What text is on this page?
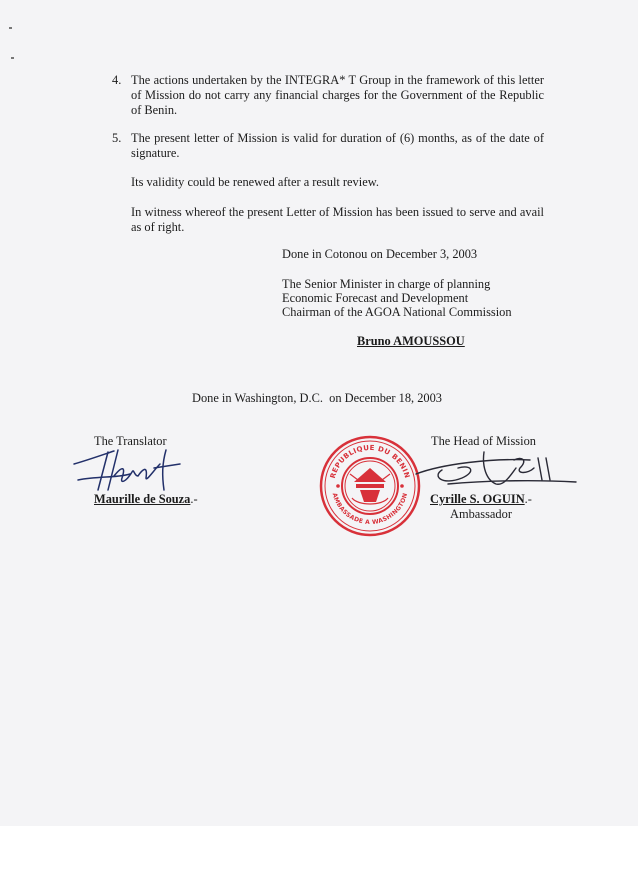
4. The actions undertaken by the INTEGRA* T Group in the framework of this letter of Mission do not carry any financial charges for the Government of the Republic of Benin.

5. The present letter of Mission is valid for duration of (6) months, as of the date of signature.

Its validity could be renewed after a result review.

In witness whereof the present Letter of Mission has been issued to serve and avail as of right.

Done in Cotonou on December 3, 2003

The Senior Minister in charge of planning

Economic Forecast and Development

Chairman of the AGOA National Commission

Bruno AMOUSSOU

Done in Washington, D.C.  on December 18, 2003

The Translator

Maurille de Souza.-

REPUBLIQUE DU BENIN
AMBASSADE A WASHINGTON

The Head of Mission

Cyrille S. OGUIN.-

Ambassador
